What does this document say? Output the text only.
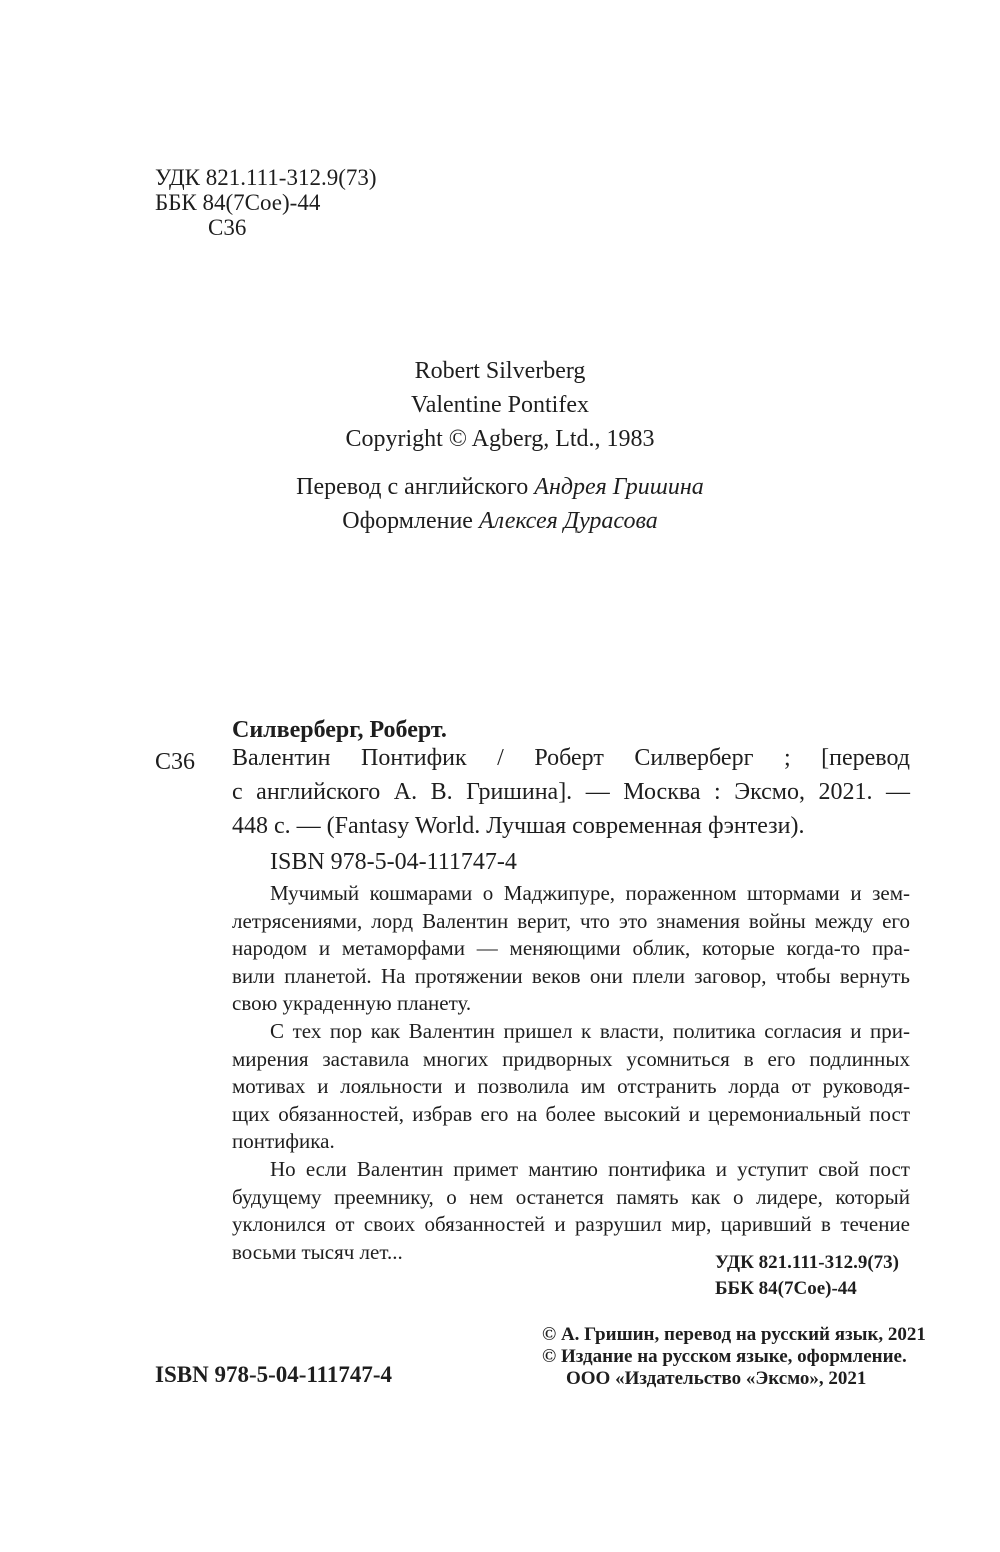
УДК 821.111-312.9(73)
ББК 84(7Сое)-44
С36
Robert Silverberg
Valentine Pontifex
Copyright © Agberg, Ltd., 1983
Перевод с английского Андрея Гришина
Оформление Алексея Дурасова
Силверберг, Роберт.
С36 Валентин Понтифик / Роберт Силверберг ; [перевод
с английского А. В. Гришина]. — Москва : Эксмо, 2021. —
448 с. — (Fantasy World. Лучшая современная фэнтези).
ISBN 978-5-04-111747-4
Мучимый кошмарами о Маджипуре, пораженном штормами и зем-
летрясениями, лорд Валентин верит, что это знамения войны между его
народом и метаморфами — меняющими облик, которые когда-то пра-
вили планетой. На протяжении веков они плели заговор, чтобы вернуть
свою украденную планету.
С тех пор как Валентин пришел к власти, политика согласия и при-
мирения заставила многих придворных усомниться в его подлинных
мотивах и лояльности и позволила им отстранить лорда от руководя-
щих обязанностей, избрав его на более высокий и церемониальный пост
понтифика.
Но если Валентин примет мантию понтифика и уступит свой пост
будущему преемнику, о нем останется память как о лидере, который
уклонился от своих обязанностей и разрушил мир, царивший в течение
восьми тысяч лет...	УДК 821.111-312.9(73)
ББК 84(7Сое)-44
© А. Гришин, перевод на русский язык, 2021
© Издание на русском языке, оформление.
ООО «Издательство «Эксмо», 2021
ISBN 978-5-04-111747-4
